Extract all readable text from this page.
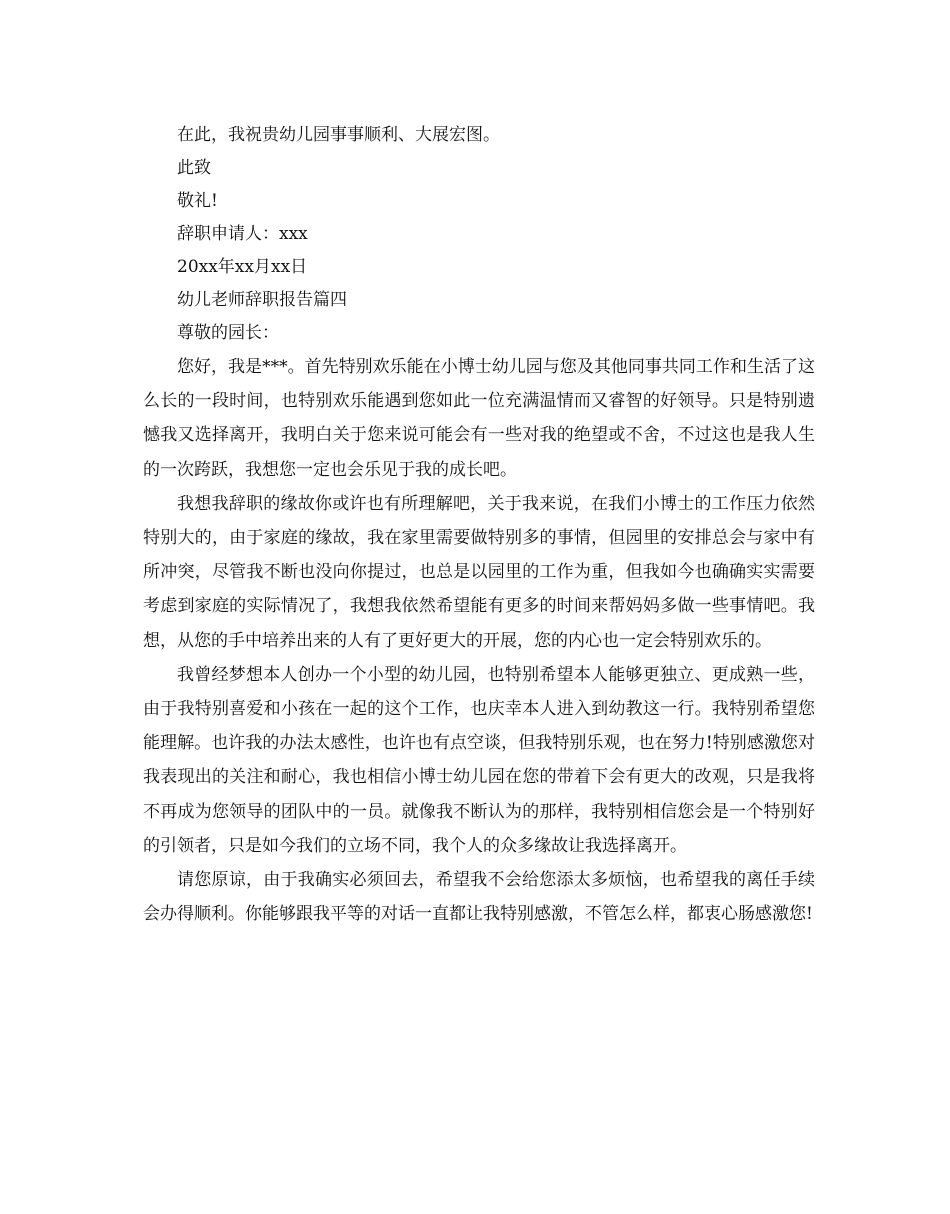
在此，我祝贵幼儿园事事顺利、大展宏图。
此致
敬礼!
辞职申请人：xxx
20xx年xx月xx日
幼儿老师辞职报告篇四
尊敬的园长：

您好，我是***。首先特别欢乐能在小博士幼儿园与您及其他同事共同工作和生活了这么长的一段时间，也特别欢乐能遇到您如此一位充满温情而又睿智的好领导。只是特别遗憾我又选择离开，我明白关于您来说可能会有一些对我的绝望或不舍，不过这也是我人生的一次跨跃，我想您一定也会乐见于我的成长吧。

我想我辞职的缘故你或许也有所理解吧，关于我来说，在我们小博士的工作压力依然特别大的，由于家庭的缘故，我在家里需要做特别多的事情，但园里的安排总会与家中有所冲突，尽管我不断也没向你提过，也总是以园里的工作为重，但我如今也确确实实需要考虑到家庭的实际情况了，我想我依然希望能有更多的时间来帮妈妈多做一些事情吧。我想，从您的手中培养出来的人有了更好更大的开展，您的内心也一定会特别欢乐的。

我曾经梦想本人创办一个小型的幼儿园，也特别希望本人能够更独立、更成熟一些，由于我特别喜爱和小孩在一起的这个工作，也庆幸本人进入到幼教这一行。我特别希望您能理解。也许我的办法太感性，也许也有点空谈，但我特别乐观，也在努力!特别感激您对我表现出的关注和耐心，我也相信小博士幼儿园在您的带着下会有更大的改观，只是我将不再成为您领导的团队中的一员。就像我不断认为的那样，我特别相信您会是一个特别好的引领者，只是如今我们的立场不同，我个人的众多缘故让我选择离开。

请您原谅，由于我确实必须回去，希望我不会给您添太多烦恼，也希望我的离任手续会办得顺利。你能够跟我平等的对话一直都让我特别感激，不管怎么样，都衷心肠感激您!
